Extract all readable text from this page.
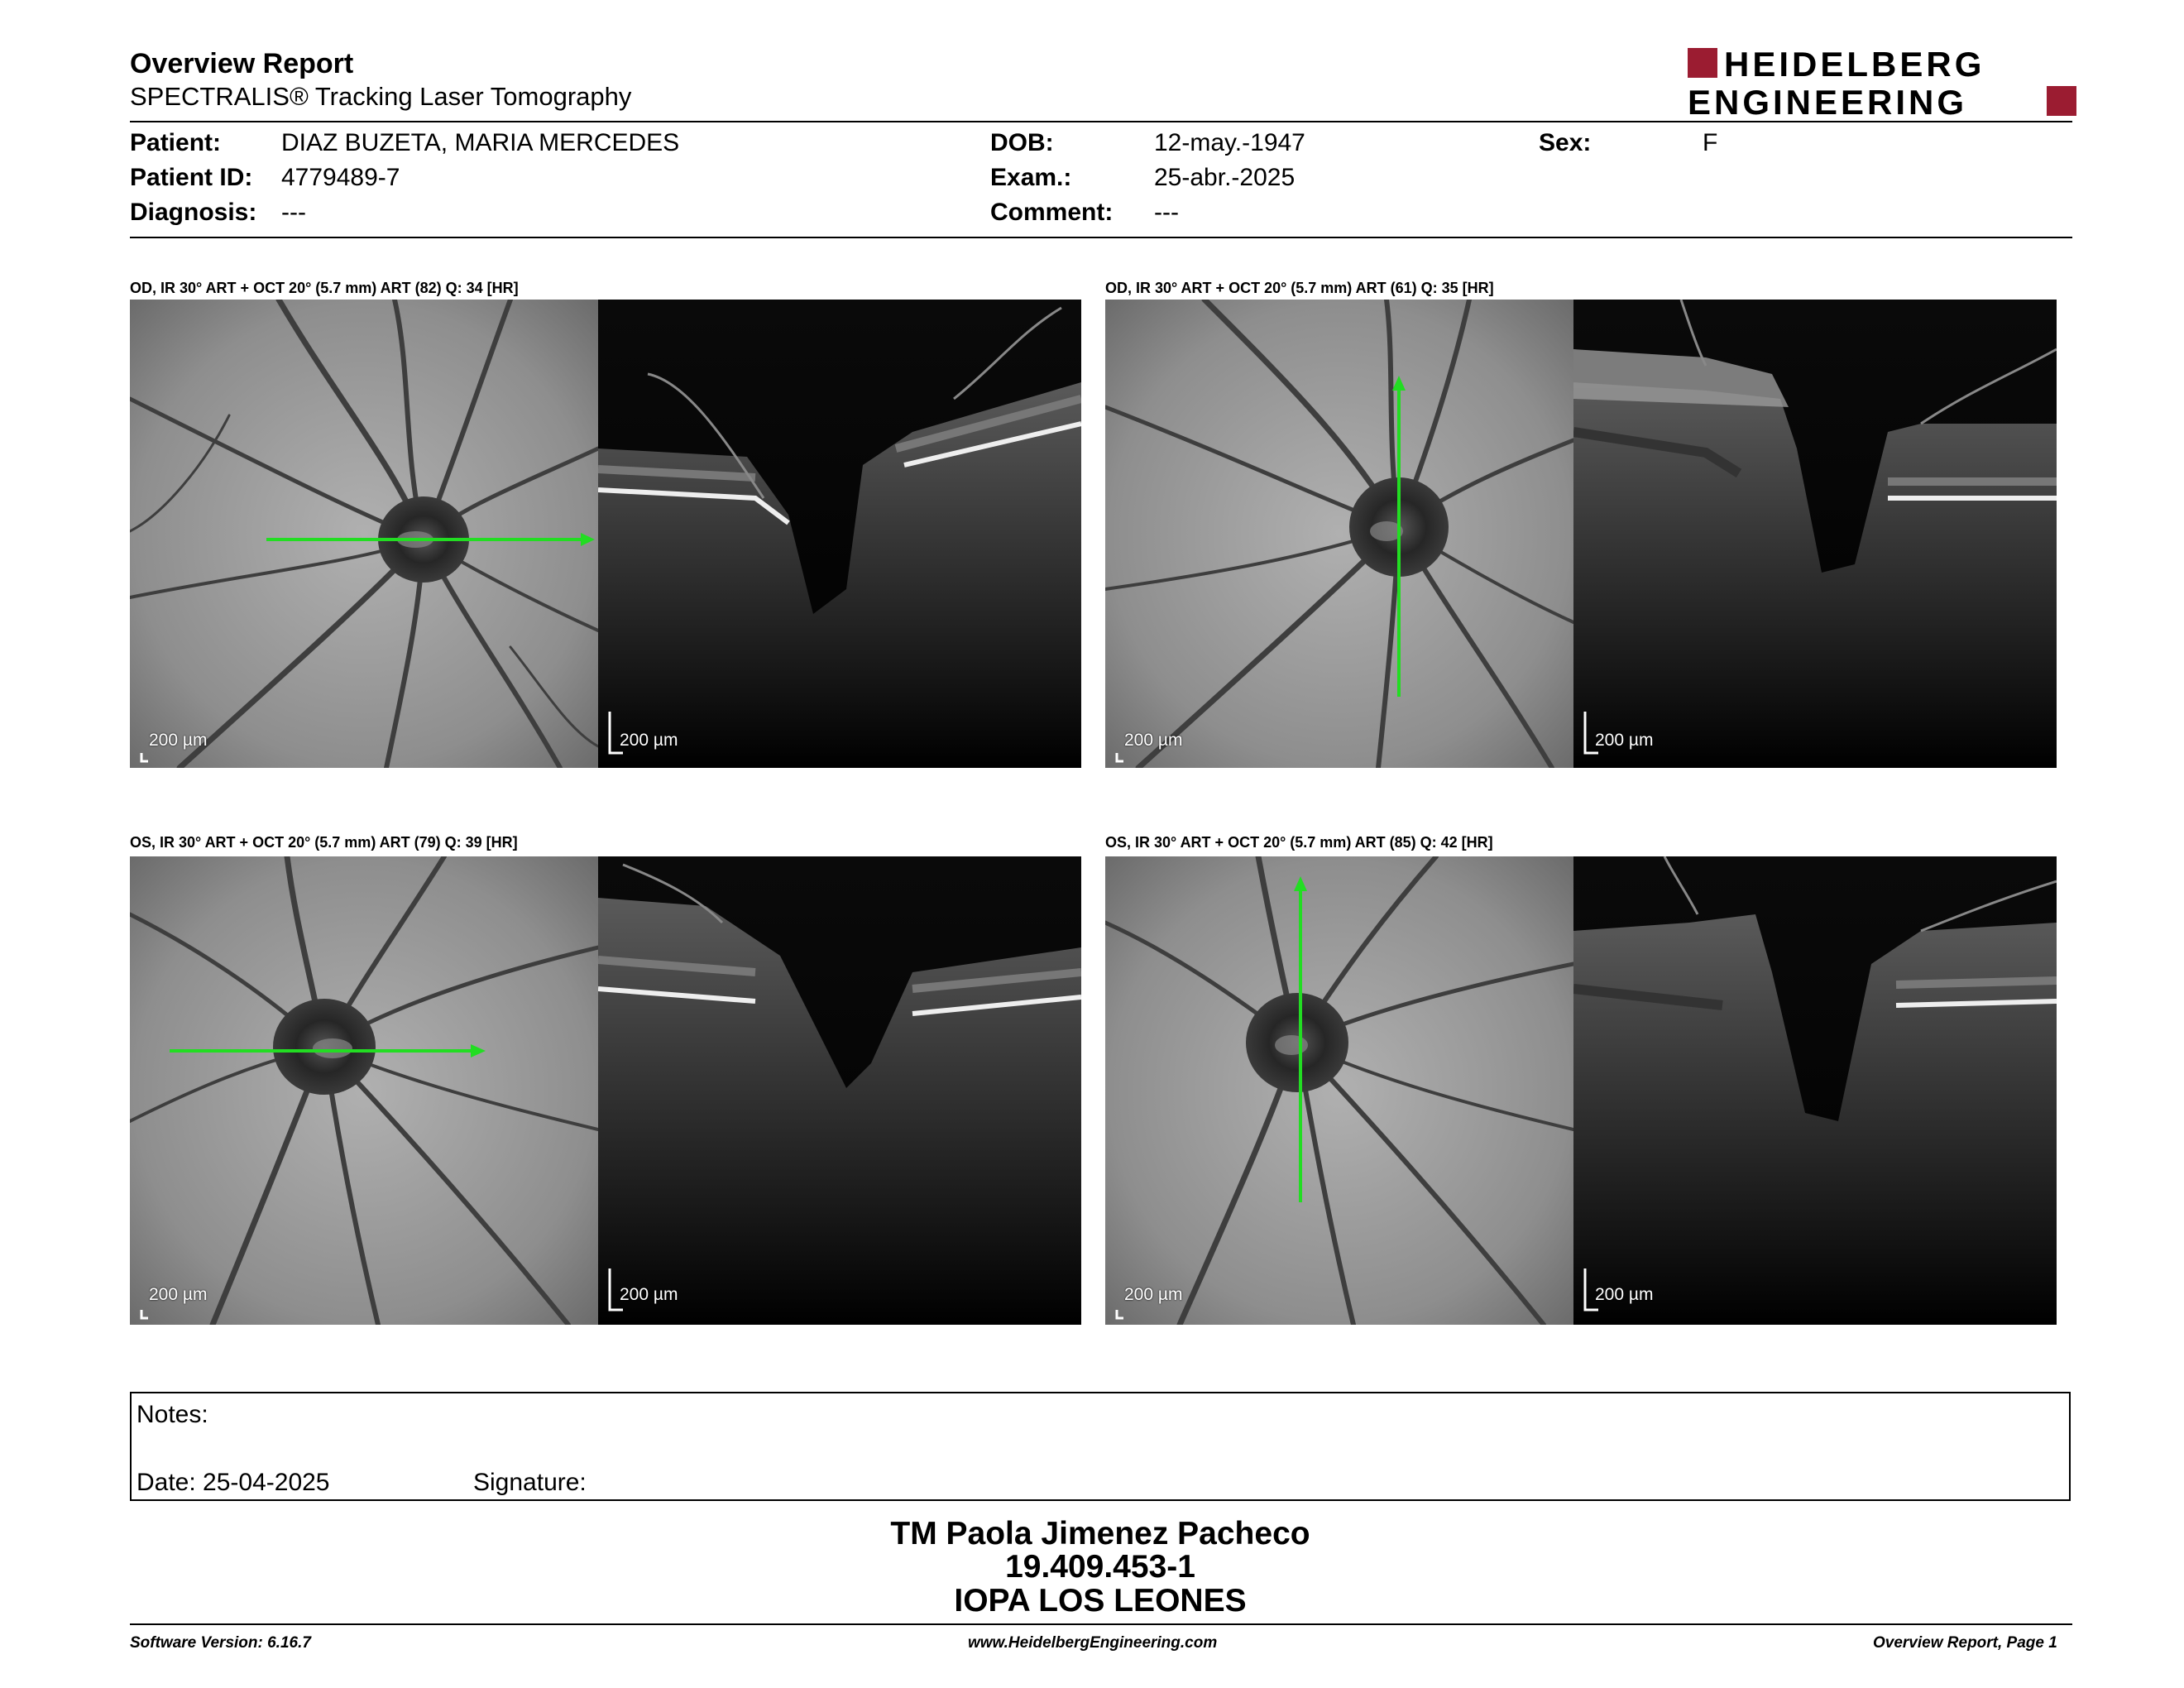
Overview Report
SPECTRALIS® Tracking Laser Tomography
HEIDELBERG
ENGINEERING
Patient: DIAZ BUZETA, MARIA MERCEDES
Patient ID: 4779489-7
Diagnosis: ---
DOB:	12-may.-1947
Exam.:	25-abr.-2025
Comment: ---
Sex:	F
OD, IR 30° ART + OCT 20° (5.7 mm) ART (82) Q: 34 [HR]	OD, IR 30° ART + OCT 20° (5.7 mm) ART (61) Q: 35 [HR]
OS, IR 30° ART + OCT 20° (5.7 mm) ART (79) Q: 39 [HR]	OS, IR 30° ART + OCT 20° (5.7 mm) ART (85) Q: 42 [HR]
200 µm	200 µm	200 µm	200 µm
200 µm	200 µm	200 µm	200 µm
Notes:
Date: 25-04-2025	Signature:
TM Paola Jimenez Pacheco
19.409.453-1
IOPA LOS LEONES
Software Version: 6.16.7	www.HeidelbergEngineering.com	Overview Report, Page 1
